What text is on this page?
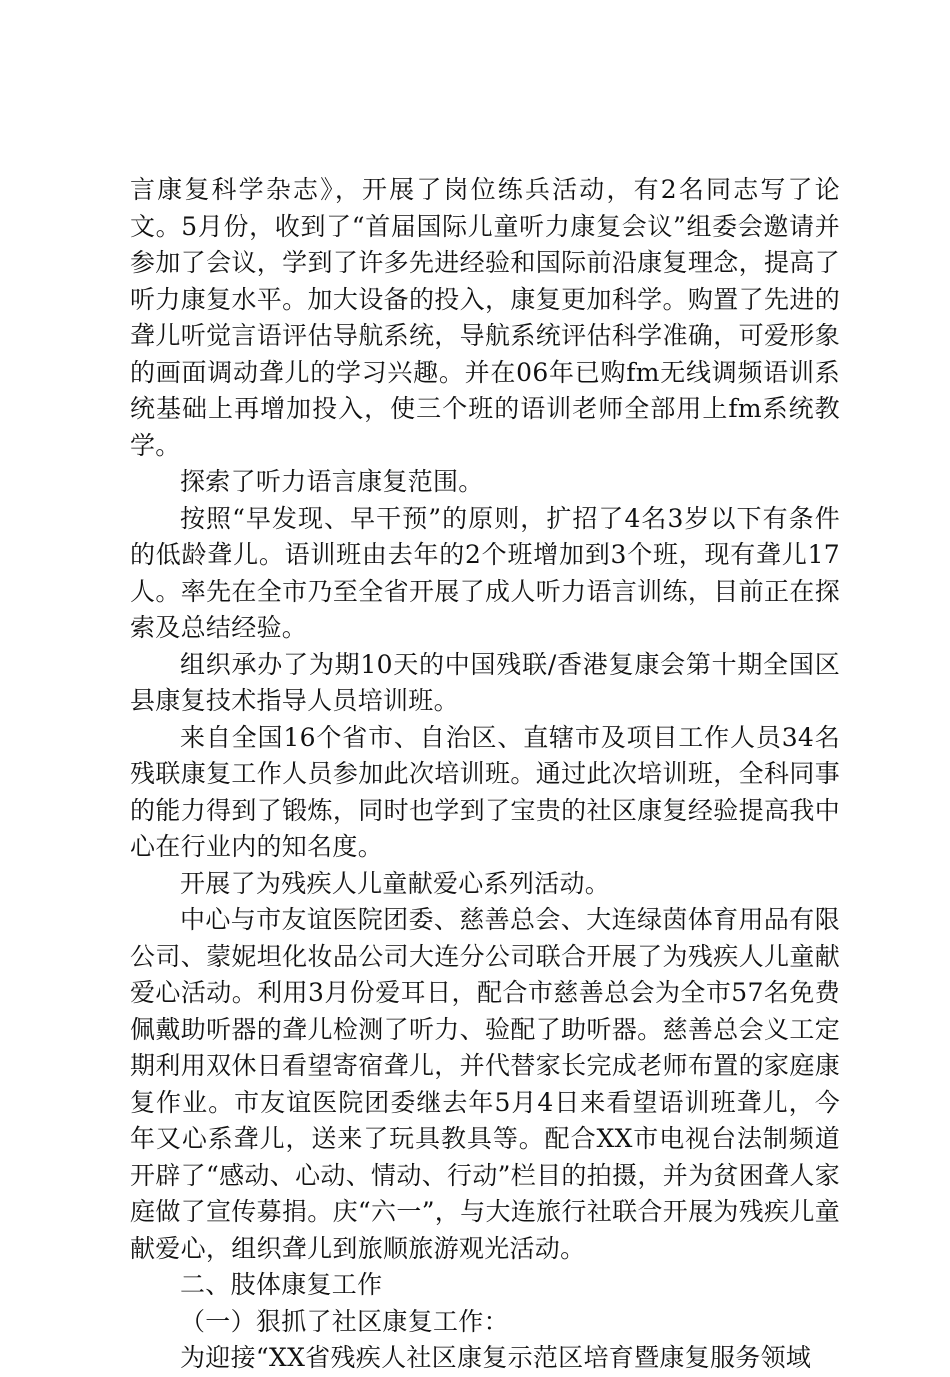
言康复科学杂志》，开展了岗位练兵活动，有2名同志写了论文。5月份，收到了“首届国际儿童听力康复会议”组委会邀请并参加了会议，学到了许多先进经验和国际前沿康复理念，提高了听力康复水平。加大设备的投入，康复更加科学。购置了先进的聋儿听觉言语评估导航系统，导航系统评估科学准确，可爱形象的画面调动聋儿的学习兴趣。并在06年已购fm无线调频语训系统基础上再增加投入，使三个班的语训老师全部用上fm系统教学。

探索了听力语言康复范围。

按照“早发现、早干预”的原则，扩招了4名3岁以下有条件的低龄聋儿。语训班由去年的2个班增加到3个班，现有聋儿17人。率先在全市乃至全省开展了成人听力语言训练，目前正在探索及总结经验。

组织承办了为期10天的中国残联/香港复康会第十期全国区县康复技术指导人员培训班。

来自全国16个省市、自治区、直辖市及项目工作人员34名残联康复工作人员参加此次培训班。通过此次培训班，全科同事的能力得到了锻炼，同时也学到了宝贵的社区康复经验提高我中心在行业内的知名度。

开展了为残疾人儿童献爱心系列活动。

中心与市友谊医院团委、慈善总会、大连绿茵体育用品有限公司、蒙妮坦化妆品公司大连分公司联合开展了为残疾人儿童献爱心活动。利用3月份爱耳日，配合市慈善总会为全市57名免费佩戴助听器的聋儿检测了听力、验配了助听器。慈善总会义工定期利用双休日看望寄宿聋儿，并代替家长完成老师布置的家庭康复作业。市友谊医院团委继去年5月4日来看望语训班聋儿，今年又心系聋儿，送来了玩具教具等。配合XX市电视台法制频道开辟了“感动、心动、情动、行动”栏目的拍摄，并为贫困聋人家庭做了宣传募捐。庆“六一”，与大连旅行社联合开展为残疾儿童献爱心，组织聋儿到旅顺旅游观光活动。

二、肢体康复工作

（一）狠抓了社区康复工作：

为迎接“XX省残疾人社区康复示范区培育暨康复服务领域
